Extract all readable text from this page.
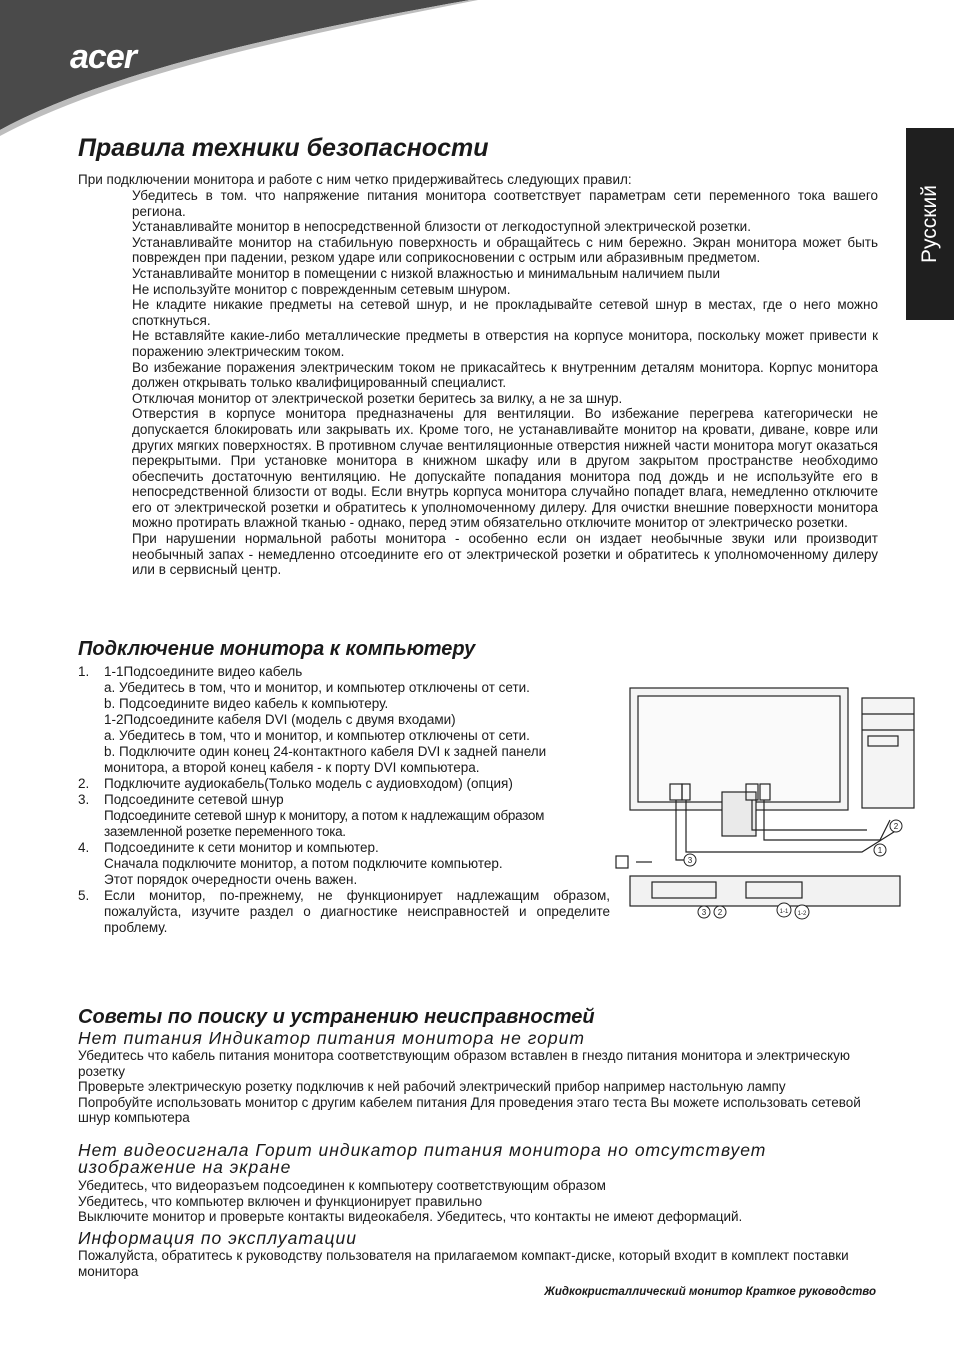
acer
Русский
Правила техники безопасности

При подключении монитора и работе с ним четко придерживайтесь следующих правил:

Убедитесь в том. что напряжение питания монитора соответствует параметрам сети переменного тока вашего региона.
Устанавливайте монитор в непосредственной близости от легкодоступной электрической розетки.
Устанавливайте монитор на стабильную поверхность и обращайтесь с ним бережно. Экран монитора может быть поврежден при падении, резком ударе или соприкосновении с острым или абразивным предметом.
Устанавливайте монитор в помещении с низкой влажностью и минимальным наличием пыли
Не используйте монитор с поврежденным сетевым шнуром.
Не кладите никакие предметы на сетевой шнур, и не прокладывайте сетевой шнур в местах, где о него можно споткнуться.
Не вставляйте какие-либо металлические предметы в отверстия на корпусе монитора, поскольку может привести к поражению электрическим током.
Во избежание поражения электрическим током не прикасайтесь к внутренним деталям монитора. Корпус монитора должен открывать только квалифицированный специалист.
Отключая монитор от электрической розетки беритесь за вилку, а не за шнур.
Отверстия в корпусе монитора предназначены для вентиляции. Во избежание перегрева категорически не допускается блокировать или закрывать их. Кроме того, не устанавливайте монитор на кровати, диване, ковре или других мягких поверхностях. В противном случае вентиляционные отверстия нижней части монитора могут оказаться перекрытыми. При установке монитора в книжном шкафу или в другом закрытом пространстве необходимо обеспечить достаточную вентиляцию. Не допускайте попадания монитора под дождь и не используйте его в непосредственной близости от воды. Если внутрь корпуса монитора случайно попадет влага, немедленно отключите его от электрической розетки и обратитесь к уполномоченному дилеру. Для очистки внешние поверхности монитора можно протирать влажной тканью - однако, перед этим обязательно отключите монитор от электрическо розетки.
При нарушении нормальной работы монитора - особенно если он издает необычные звуки или производит необычный запах - немедленно отсоедините его от электрической розетки и обратитесь к уполномоченному дилеру или в сервисный центр.
Подключение монитора к компьютеру
1.	1-1Подсоедините видео кабель
a. Убедитесь в том, что и монитор, и компьютер отключены от сети.
b. Подсоедините видео кабель к компьютеру.
1-2Подсоедините кабеля DVI (модель с двумя входами)
a. Убедитесь в том, что и монитор, и компьютер отключены от сети.
b. Подключите один конец 24-контактного кабеля DVI к задней панели монитора, а второй конец кабеля - к порту DVI компьютера.
2.	Подключите аудиокабель(Только модель с аудиовходом) (опция)
3.	Подсоедините сетевой шнур
Подсоедините сетевой шнур к монитору, а потом к надлежащим образом заземленной розетке переменного тока.
4.	Подсоедините к сети монитор и компьютер.
Сначала подключите монитор, а потом подключите компьютер.
Этот порядок очередности очень важен.
5.	Если монитор, по-прежнему, не функционирует надлежащим образом, пожалуйста, изучите раздел о диагностике неисправностей и определите проблему.
3
1
2
3 2	1-1 1-2
Советы по поиску и устранению неисправностей

Нет питания Индикатор питания монитора не горит

Убедитесь что кабель питания монитора соответствующим образом вставлен в гнездо питания монитора и электрическую розетку

Проверьте электрическую розетку подключив к ней рабочий электрический прибор например настольную лампу

Попробуйте использовать монитор с другим кабелем питания Для проведения этаго теста Вы можете использовать сетевой шнур компьютера

Нет видеосигнала Горит индикатор питания монитора но отсутствует изображение на экране

Убедитесь, что видеоразъем подсоединен к компьютеру соответствующим образом

Убедитесь, что компьютер включен и функционирует правильно

Выключите монитор и проверьте контакты видеокабеля. Убедитесь, что контакты не имеют деформаций.

Информация по эксплуатации

Пожалуйста, обратитесь к руководству пользователя на прилагаемом компакт-диске, который входит в комплект поставки монитора

Жидкокристаллический монитор Краткое руководство
